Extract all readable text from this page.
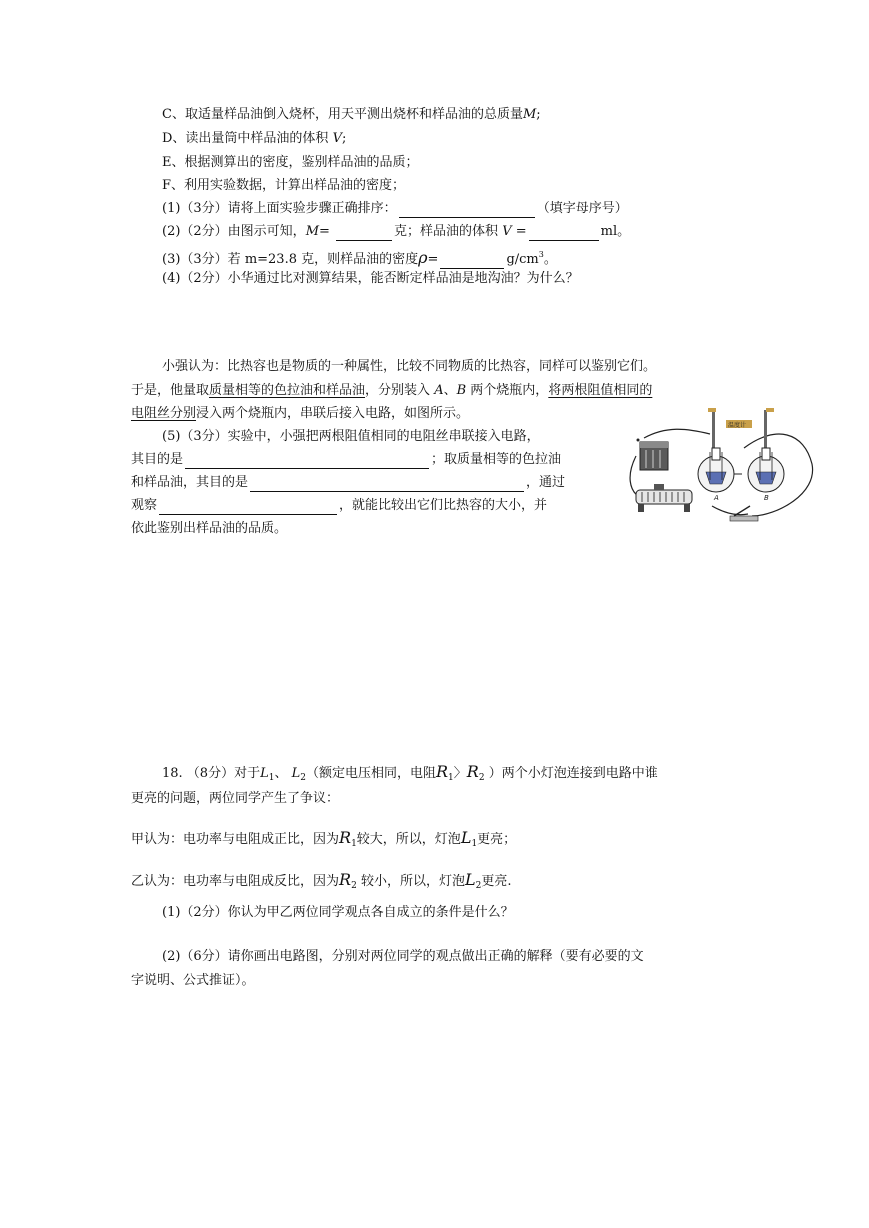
C、取适量样品油倒入烧杯，用天平测出烧杯和样品油的总质量M;
D、读出量筒中样品油的体积 V;
E、根据测算出的密度，鉴别样品油的品质；
F、利用实验数据，计算出样品油的密度；
(1)（3分）请将上面实验步骤正确排序：	（填字母序号）
(2)（2分）由图示可知，M=	克；样品油的体积 V =	ml。
(3)（3分）若 m=23.8 克，则样品油的密度ρ=	$g/cm^3$。
(4)（2分）小华通过比对测算结果，能否断定样品油是地沟油？为什么？
小强认为：比热容也是物质的一种属性，比较不同物质的比热容，同样可以鉴别它们。
于是，他量取质量相等的色拉油和样品油，分别装入 A、B 两个烧瓶内，将两根阻值相同的
电阻丝分别浸入两个烧瓶内，串联后接入电路，如图所示。
(5)（3分）实验中，小强把两根阻值相同的电阻丝串联接入电路，
其目的是	；取质量相等的色拉油
和样品油，其目的是	，通过
观察	，就能比较出它们比热容的大小，并
依此鉴别出样品油的品质。
温度计
A	B
18. （8分）对于$L_1$、 $L_2$（额定电压相同，电阻$R_1$〉$R_2$ ）两个小灯泡连接到电路中谁
更亮的问题，两位同学产生了争议：
甲认为：电功率与电阻成正比，因为$R_1$较大，所以，灯泡$L_1$更亮；
乙认为：电功率与电阻成反比，因为$R_2$ 较小，所以，灯泡$L_2$更亮.
(1)（2分）你认为甲乙两位同学观点各自成立的条件是什么？
(2)（6分）请你画出电路图，分别对两位同学的观点做出正确的解释（要有必要的文
字说明、公式推证）。
